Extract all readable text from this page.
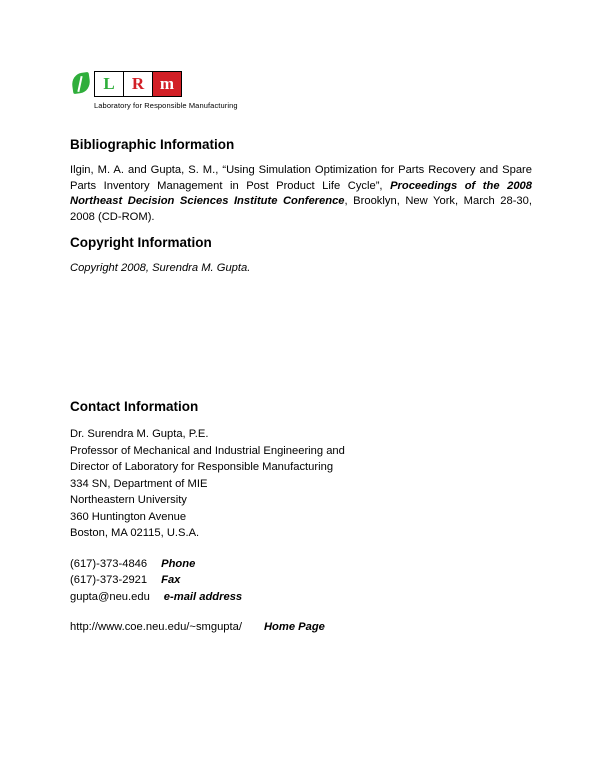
L	R m
Laboratory for Responsible Manufacturing
Bibliographic Information
Ilgin, M. A. and Gupta, S. M., “Using Simulation Optimization for Parts Recovery and Spare Parts Inventory Management in Post Product Life Cycle”, Proceedings of the 2008 Northeast Decision Sciences Institute Conference, Brooklyn, New York, March 28-30, 2008 (CD-ROM).
Copyright Information
Copyright 2008, Surendra M. Gupta.
Contact Information
Dr. Surendra M. Gupta, P.E.
Professor of Mechanical and Industrial Engineering and
Director of Laboratory for Responsible Manufacturing
334 SN, Department of MIE
Northeastern University
360 Huntington Avenue
Boston, MA 02115, U.S.A.
(617)-373-4846 Phone
(617)-373-2921 Fax
gupta@neu.edu e-mail address
http://www.coe.neu.edu/~smgupta/ Home Page
